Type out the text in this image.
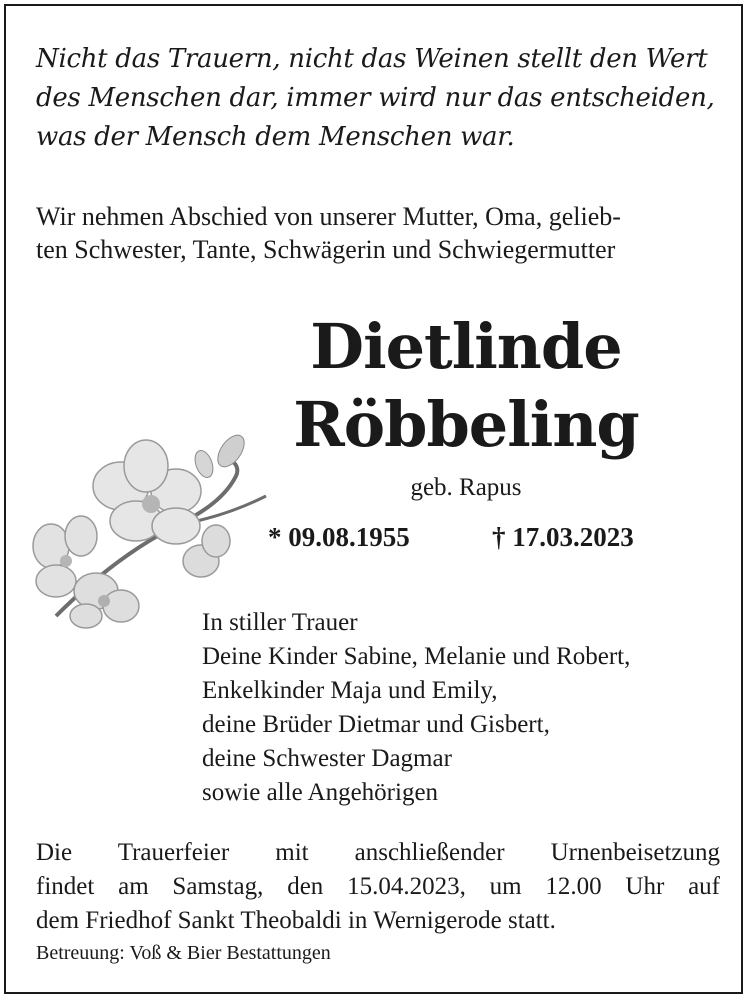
Nicht das Trauern, nicht das Weinen stellt den Wert
des Menschen dar, immer wird nur das entscheiden,
was der Mensch dem Menschen war.
Wir nehmen Abschied von unserer Mutter, Oma, gelieb-
ten Schwester, Tante, Schwägerin und Schwiegermutter
Dietlinde
Röbbeling
geb. Rapus
* 09.08.1955	† 17.03.2023
In stiller Trauer
Deine Kinder Sabine, Melanie und Robert,
Enkelkinder Maja und Emily,
deine Brüder Dietmar und Gisbert,
deine Schwester Dagmar
sowie alle Angehörigen
Die Trauerfeier mit anschließender Urnenbeisetzung
findet am Samstag, den 15.04.2023, um 12.00 Uhr auf
dem Friedhof Sankt Theobaldi in Wernigerode statt.
Betreuung: Voß & Bier Bestattungen
